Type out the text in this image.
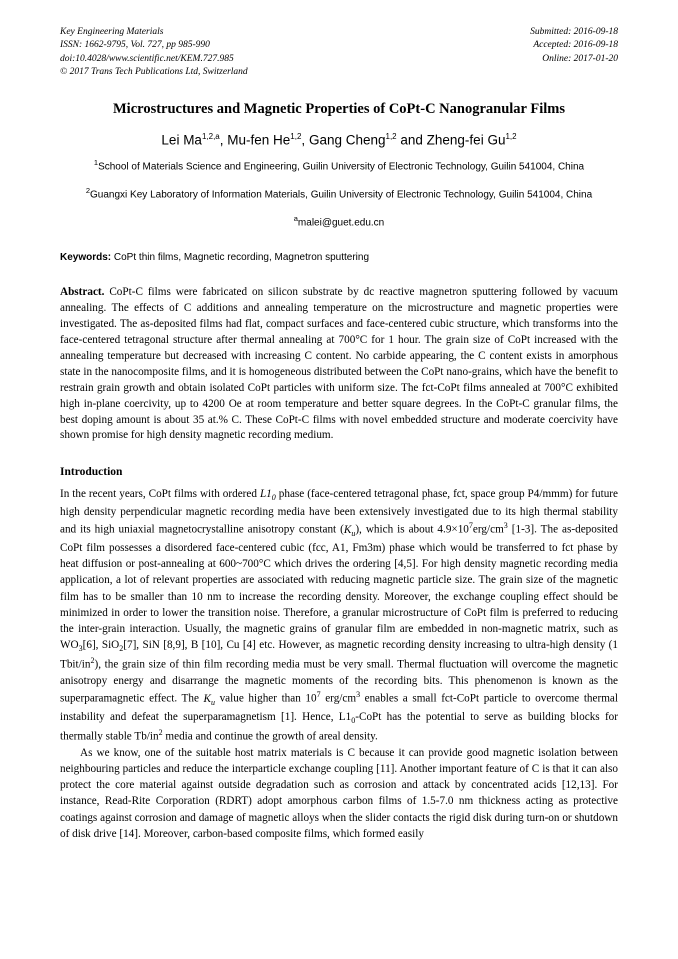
Key Engineering Materials
ISSN: 1662-9795, Vol. 727, pp 985-990
doi:10.4028/www.scientific.net/KEM.727.985
© 2017 Trans Tech Publications Ltd, Switzerland
Submitted: 2016-09-18
Accepted: 2016-09-18
Online: 2017-01-20
Microstructures and Magnetic Properties of CoPt-C Nanogranular Films
Lei Ma$^{1,2,a}$, Mu-fen He$^{1,2}$, Gang Cheng$^{1,2}$ and Zheng-fei Gu$^{1,2}$
$^1$School of Materials Science and Engineering, Guilin University of Electronic Technology, Guilin 541004, China
$^2$Guangxi Key Laboratory of Information Materials, Guilin University of Electronic Technology, Guilin 541004, China
$^a$malei@guet.edu.cn
Keywords: CoPt thin films, Magnetic recording, Magnetron sputtering
Abstract. CoPt-C films were fabricated on silicon substrate by dc reactive magnetron sputtering followed by vacuum annealing. The effects of C additions and annealing temperature on the microstructure and magnetic properties were investigated. The as-deposited films had flat, compact surfaces and face-centered cubic structure, which transforms into the face-centered tetragonal structure after thermal annealing at 700°C for 1 hour. The grain size of CoPt increased with the annealing temperature but decreased with increasing C content. No carbide appearing, the C content exists in amorphous state in the nanocomposite films, and it is homogeneous distributed between the CoPt nano-grains, which have the benefit to restrain grain growth and obtain isolated CoPt particles with uniform size. The fct-CoPt films annealed at 700°C exhibited high in-plane coercivity, up to 4200 Oe at room temperature and better square degrees. In the CoPt-C granular films, the best doping amount is about 35 at.% C. These CoPt-C films with novel embedded structure and moderate coercivity have shown promise for high density magnetic recording medium.
Introduction

In the recent years, CoPt films with ordered $L1_0$ phase (face-centered tetragonal phase, fct, space group P4/mmm) for future high density perpendicular magnetic recording media have been extensively investigated due to its high thermal stability and its high uniaxial magnetocrystalline anisotropy constant $(K_u)$, which is about $4.9\times 10^7erg/cm^3$ [1-3]. The as-deposited CoPt film possesses a disordered face-centered cubic (fcc, A1, Fm3m) phase which would be transferred to fct phase by heat diffusion or post-annealing at 600~700°C which drives the ordering [4,5]. For high density magnetic recording media application, a lot of relevant properties are associated with reducing magnetic particle size. The grain size of the magnetic film has to be smaller than 10 nm to increase the recording density. Moreover, the exchange coupling effect should be minimized in order to lower the transition noise. Therefore, a granular microstructure of CoPt film is preferred to reducing the inter-grain interaction. Usually, the magnetic grains of granular film are embedded in non-magnetic matrix, such as $WO_3[6]$, SiO$_2$[7], SiN [8,9], B [10], Cu [4] etc. However, as magnetic recording density increasing to ultra-high density (1 Tbit/$in^2$), the grain size of thin film recording media must be very small. Thermal fluctuation will overcome the magnetic anisotropy energy and disarrange the magnetic moments of the recording bits. This phenomenon is known as the superparamagnetic effect. The $K_u$ value higher than $10^7$ erg/$cm^3$ enables a small fct-CoPt particle to overcome thermal instability and defeat the superparamagnetism [1]. Hence, $L1_0$-CoPt has the potential to serve as building blocks for thermally stable $Tb/in^2$ media and continue the growth of areal density.

As we know, one of the suitable host matrix materials is C because it can provide good magnetic isolation between neighbouring particles and reduce the interparticle exchange coupling [11]. Another important feature of C is that it can also protect the core material against outside degradation such as corrosion and attack by concentrated acids [12,13]. For instance, Read-Rite Corporation (RDRT) adopt amorphous carbon films of 1.5-7.0 nm thickness acting as protective coatings against corrosion and damage of magnetic alloys when the slider contacts the rigid disk during turn-on or shutdown of disk drive [14]. Moreover, carbon-based composite films, which formed easily
